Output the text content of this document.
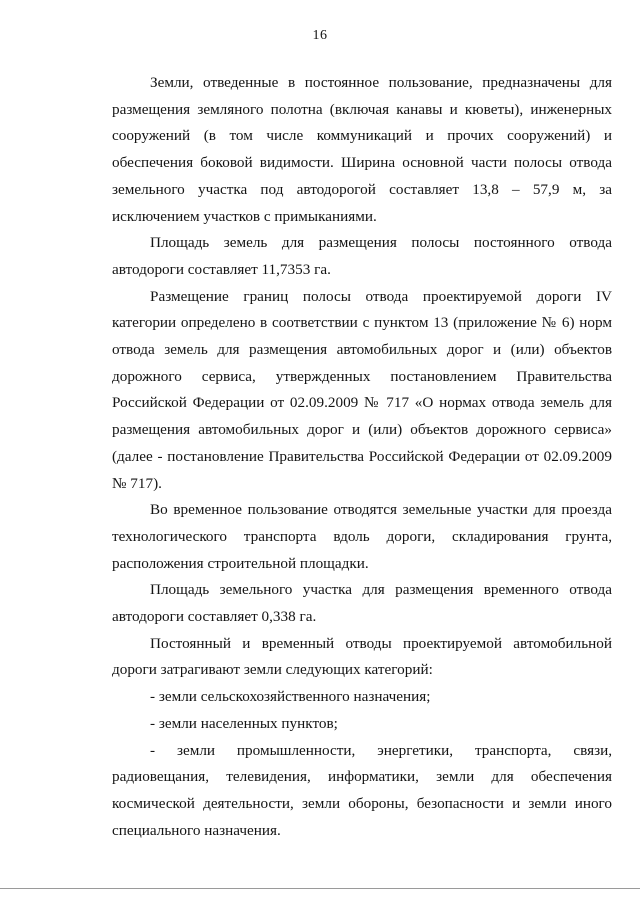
16

Земли, отведенные в постоянное пользование, предназначены для размещения земляного полотна (включая канавы и кюветы), инженерных сооружений (в том числе коммуникаций и прочих сооружений) и обеспечения боковой видимости. Ширина основной части полосы отвода земельного участка под автодорогой составляет 13,8 – 57,9 м, за исключением участков с примыканиями.

Площадь земель для размещения полосы постоянного отвода автодороги составляет 11,7353 га.

Размещение границ полосы отвода проектируемой дороги IV категории определено в соответствии с пунктом 13 (приложение № 6) норм отвода земель для размещения автомобильных дорог и (или) объектов дорожного сервиса, утвержденных постановлением Правительства Российской Федерации от 02.09.2009 № 717 «О нормах отвода земель для размещения автомобильных дорог и (или) объектов дорожного сервиса» (далее - постановление Правительства Российской Федерации от 02.09.2009 № 717).

Во временное пользование отводятся земельные участки для проезда технологического транспорта вдоль дороги, складирования грунта, расположения строительной площадки.

Площадь земельного участка для размещения временного отвода автодороги составляет 0,338 га.

Постоянный и временный отводы проектируемой автомобильной дороги затрагивают земли следующих категорий:

- земли сельскохозяйственного назначения;

- земли населенных пунктов;

- земли промышленности, энергетики, транспорта, связи, радиовещания, телевидения, информатики, земли для обеспечения космической деятельности, земли обороны, безопасности и земли иного специального назначения.
